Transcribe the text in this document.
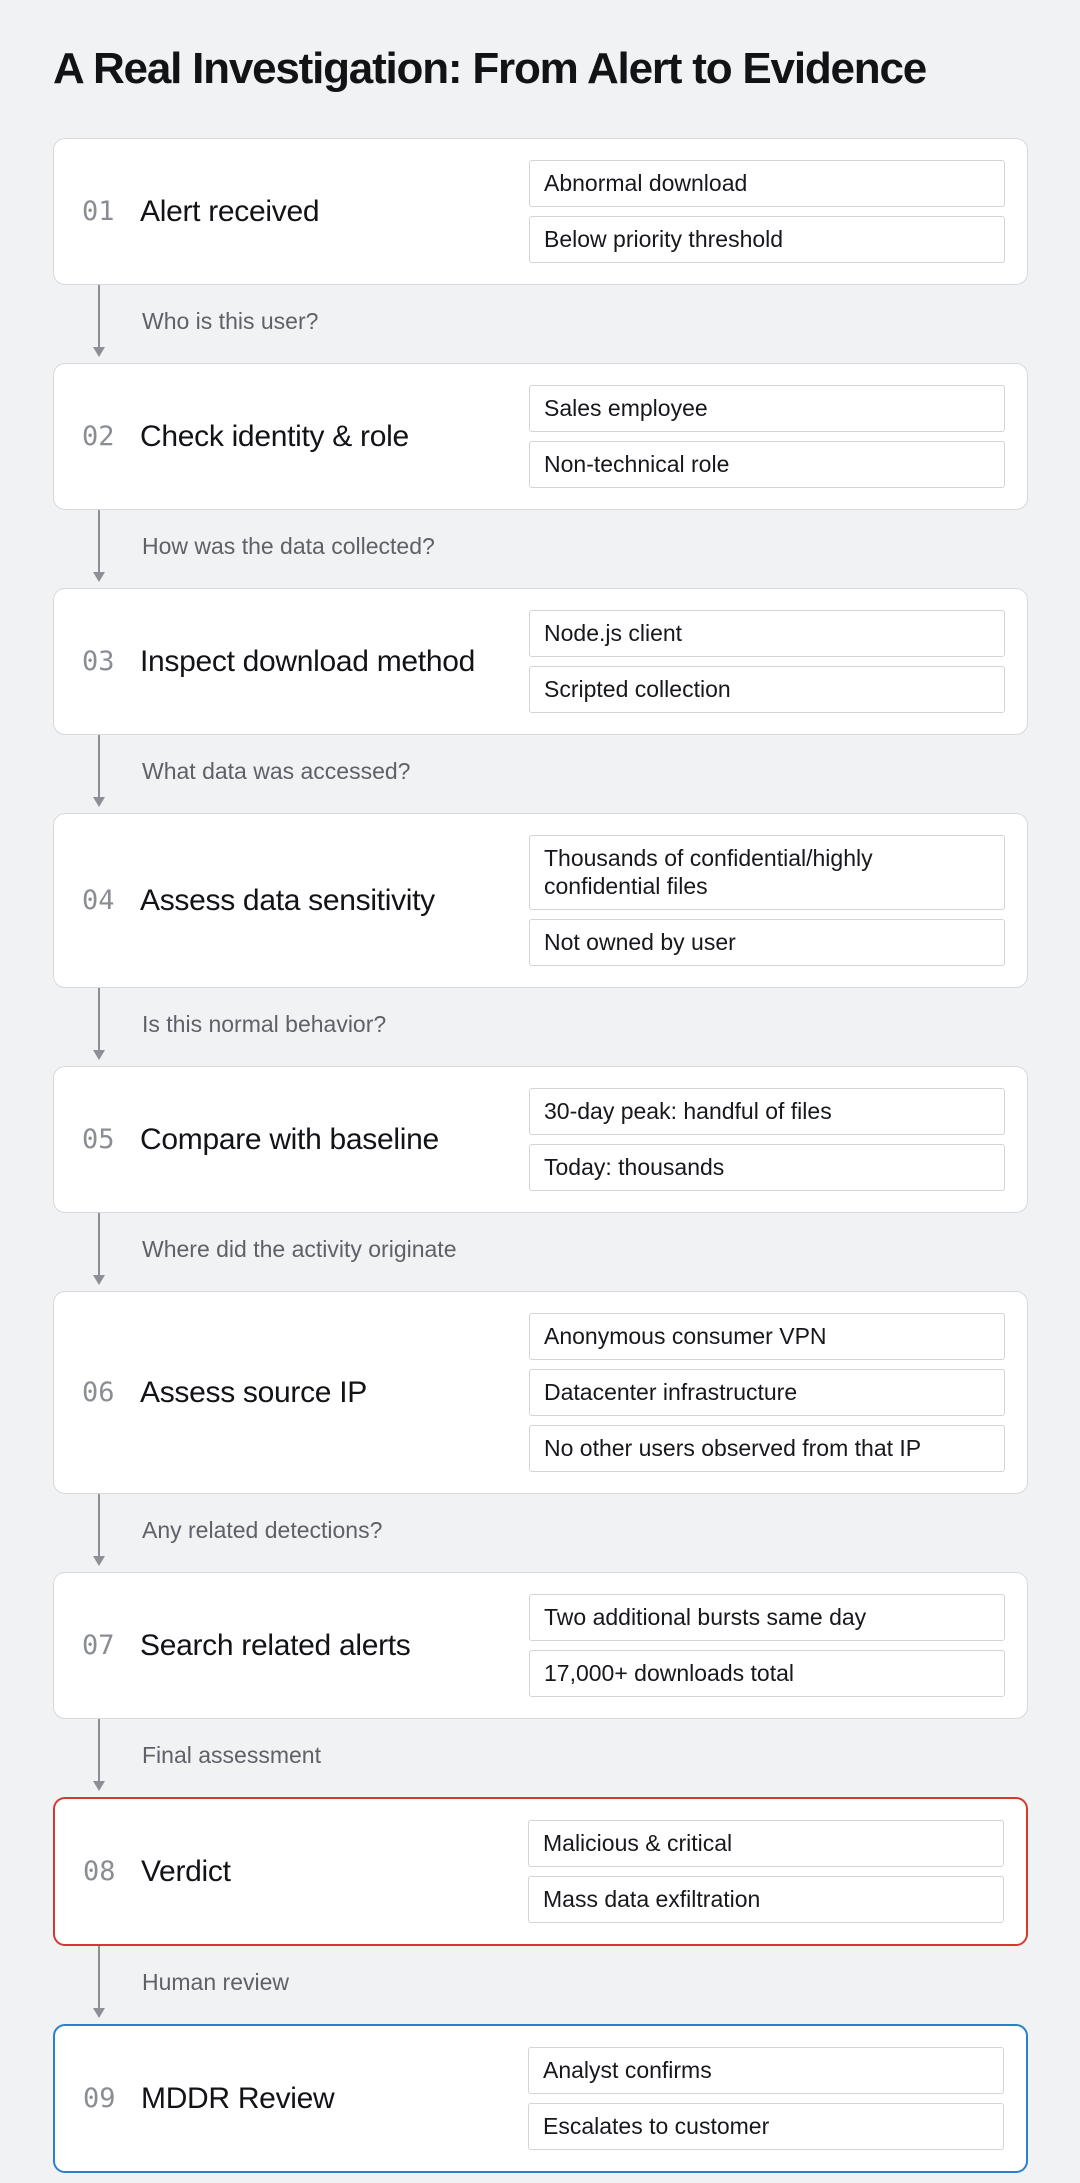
A Real Investigation: From Alert to Evidence
01 Alert received
Abnormal download
Below priority threshold
Who is this user?
02 Check identity & role
Sales employee
Non-technical role
How was the data collected?
03 Inspect download method
Node.js client
Scripted collection
What data was accessed?
04 Assess data sensitivity
Thousands of confidential/highly confidential files
Not owned by user
Is this normal behavior?
05 Compare with baseline
30-day peak: handful of files
Today: thousands
Where did the activity originate
06 Assess source IP
Anonymous consumer VPN
Datacenter infrastructure
No other users observed from that IP
Any related detections?
07 Search related alerts
Two additional bursts same day
17,000+ downloads total
Final assessment
08 Verdict
Malicious & critical
Mass data exfiltration
Human review
09 MDDR Review
Analyst confirms
Escalates to customer
